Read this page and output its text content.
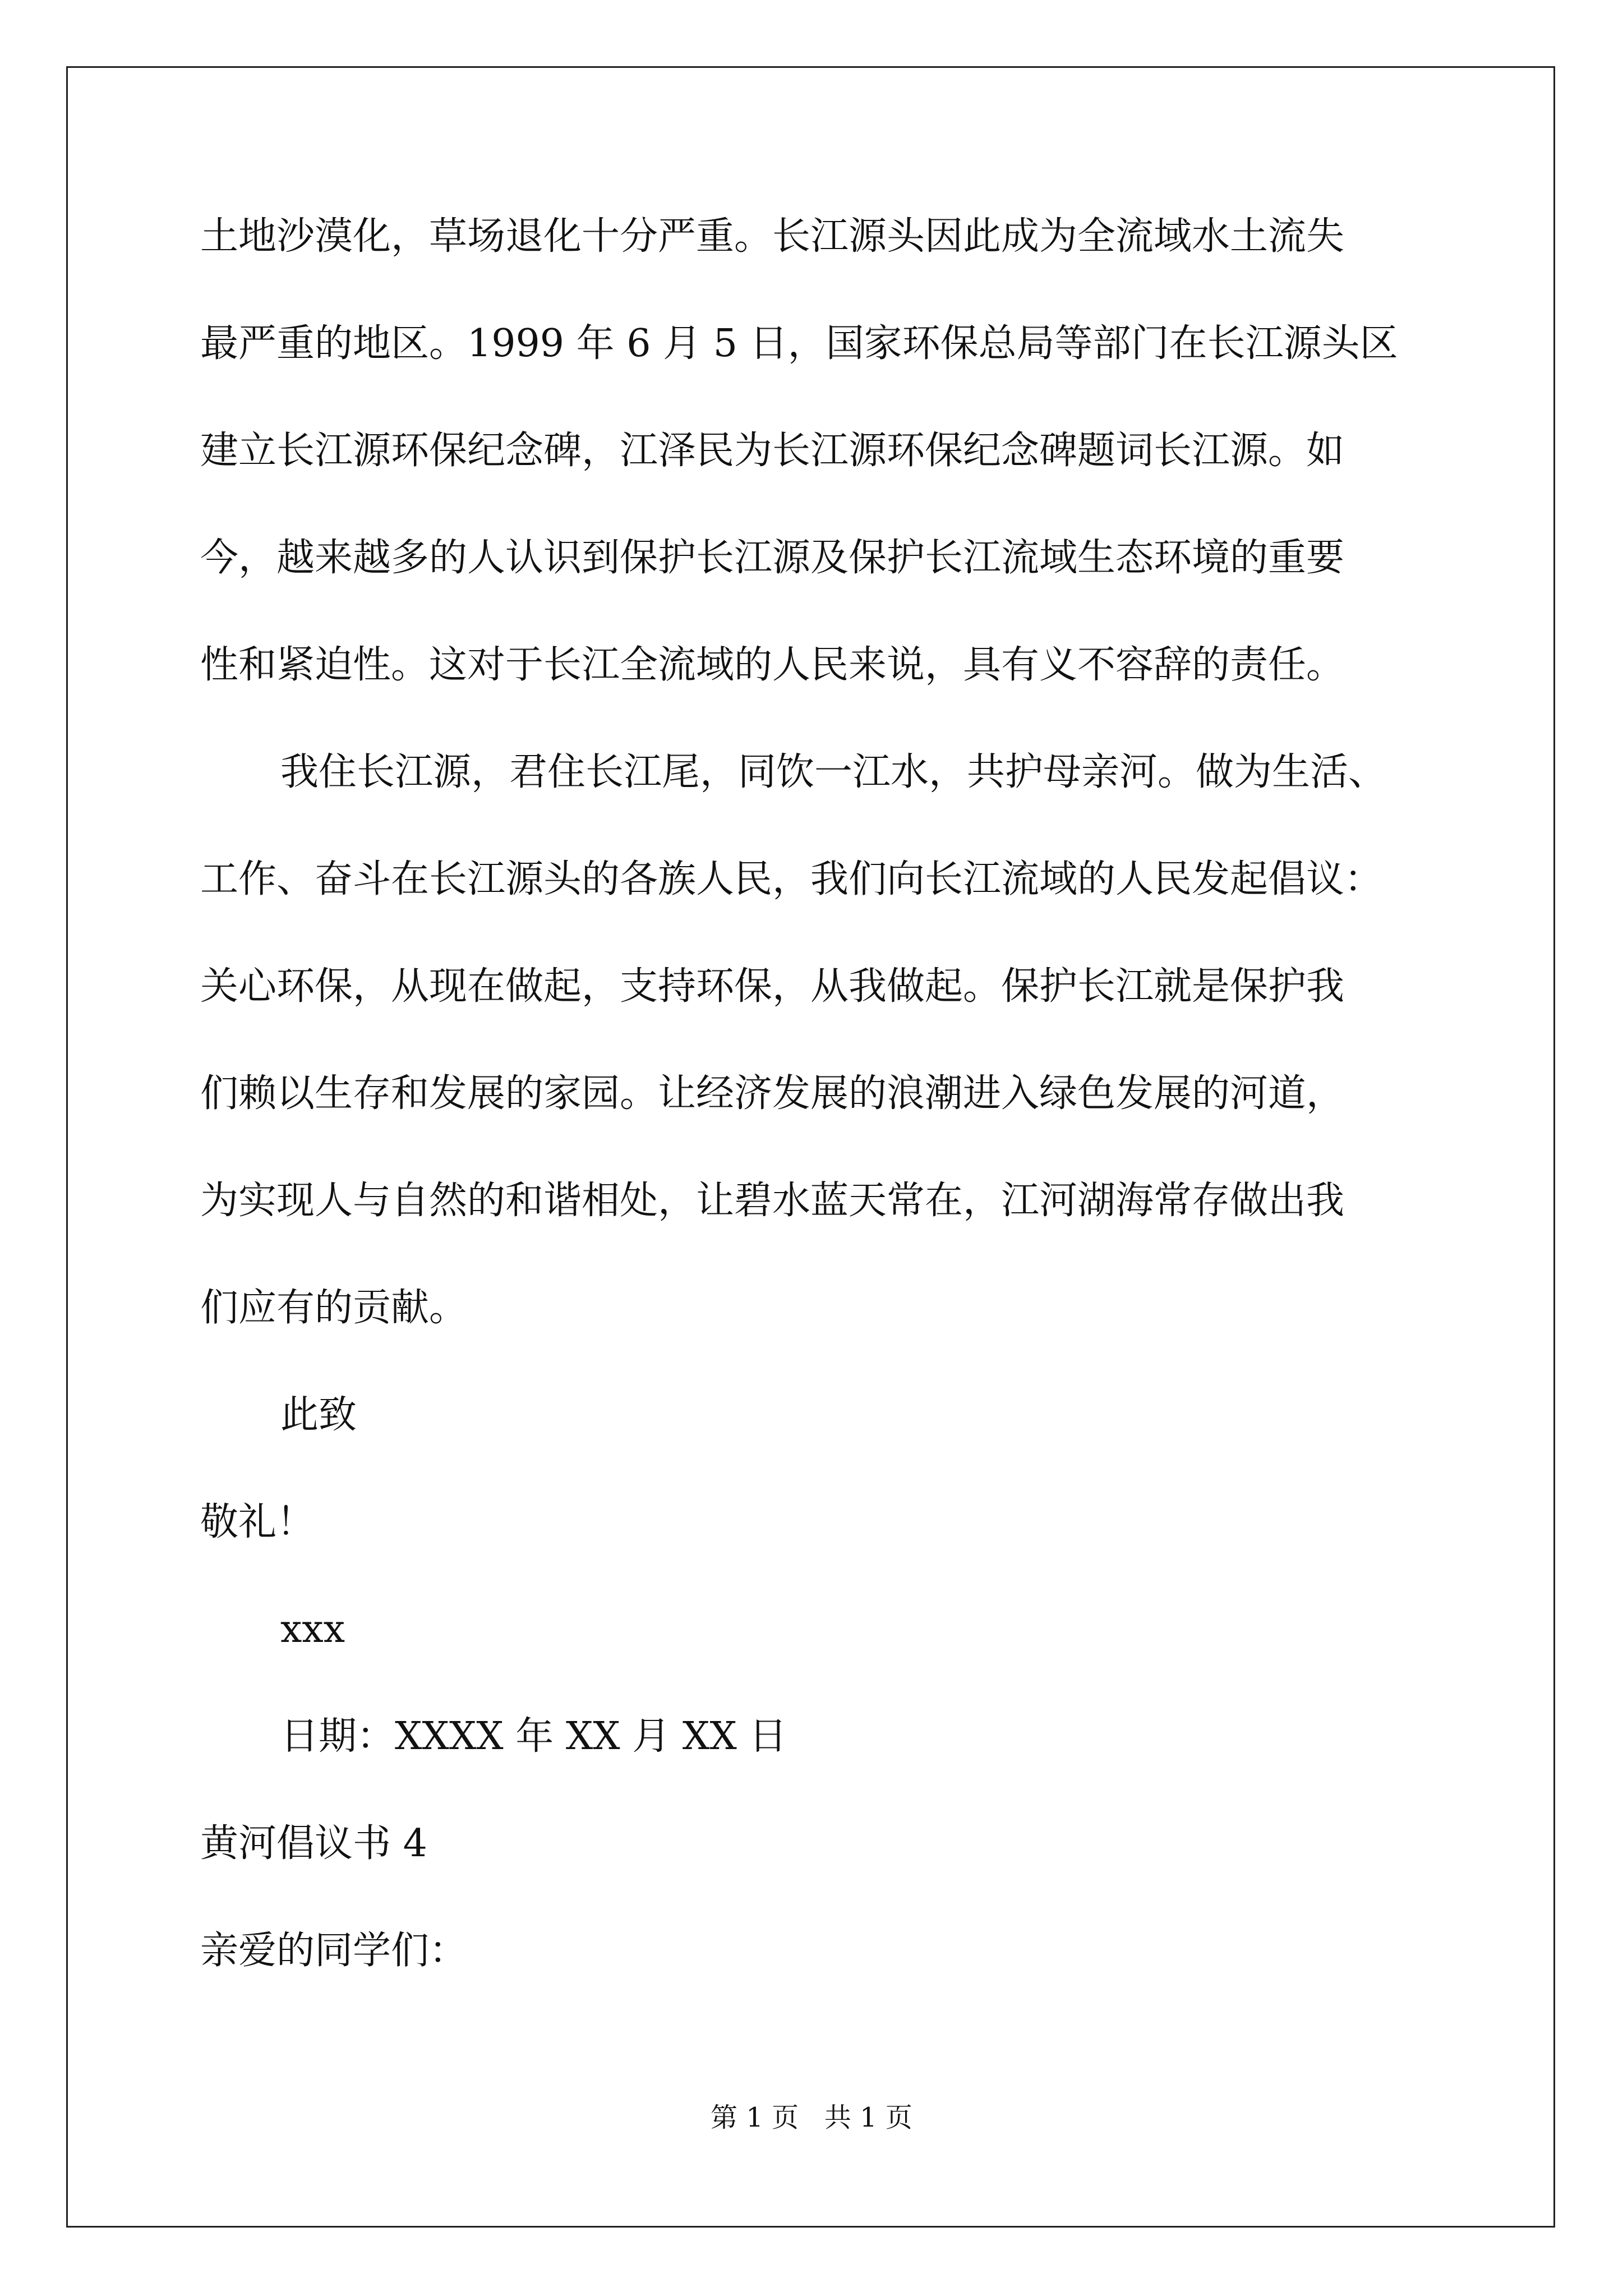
土地沙漠化，草场退化十分严重。长江源头因此成为全流域水土流失
最严重的地区。1999 年 6 月 5 日，国家环保总局等部门在长江源头区
建立长江源环保纪念碑，江泽民为长江源环保纪念碑题词长江源。如
今，越来越多的人认识到保护长江源及保护长江流域生态环境的重要
性和紧迫性。这对于长江全流域的人民来说，具有义不容辞的责任。
我住长江源，君住长江尾，同饮一江水，共护母亲河。做为生活、
工作、奋斗在长江源头的各族人民，我们向长江流域的人民发起倡议：
关心环保，从现在做起，支持环保，从我做起。保护长江就是保护我
们赖以生存和发展的家园。让经济发展的浪潮进入绿色发展的河道，
为实现人与自然的和谐相处，让碧水蓝天常在，江河湖海常存做出我
们应有的贡献。
此致
敬礼！
xxx
日期：XXXX 年 XX 月 XX 日
黄河倡议书 4
亲爱的同学们：
第 1 页   共 1 页
